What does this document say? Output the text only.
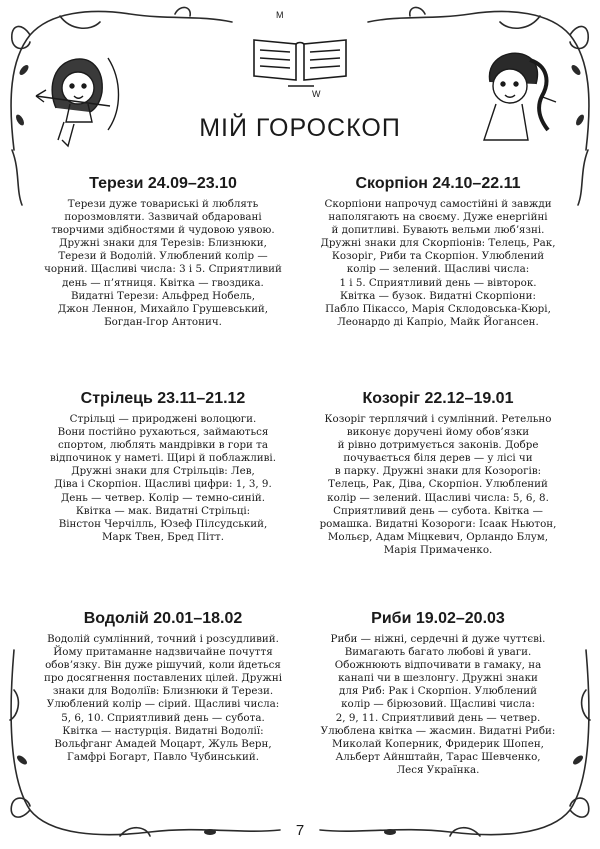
М
W
МІЙ ГОРОСКОП
Терези 24.09–23.10

Терези дуже товариські й люблять
порозмовляти. Зазвичай обдаровані
творчими здібностями й чудовою уявою.
Дружні знаки для Терезів: Близнюки,
Терези й Водолій. Улюблений колір —
чорний. Щасливі числа: 3 і 5. Сприятливий
день — п’ятниця. Квітка — гвоздика.
Видатні Терези: Альфред Нобель,
Джон Леннон, Михайло Грушевський,
Богдан-Ігор Антонич.

Скорпіон 24.10–22.11

Скорпіони напрочуд самостійні й завжди
наполягають на своєму. Дуже енергійні
й допитливі. Бувають вельми любʼязні.
Дружні знаки для Скорпіонів: Телець, Рак,
Козоріг, Риби та Скорпіон. Улюблений
колір — зелений. Щасливі числа:
1 і 5. Сприятливий день — вівторок.
Квітка — бузок. Видатні Скорпіони:
Пабло Пікассо, Марія Склодовська-Кюрі,
Леонардо ді Капріо, Майк Йогансен.

Стрілець 23.11–21.12

Стрільці — природжені волоцюги.
Вони постійно рухаються, займаються
спортом, люблять мандрівки в гори та
відпочинок у наметі. Щирі й поблажливі.
Дружні знаки для Стрільців: Лев,
Діва і Скорпіон. Щасливі цифри: 1, 3, 9.
День — четвер. Колір — темно-синій.
Квітка — мак. Видатні Стрільці:
Вінстон Черчілль, Юзеф Пілсудський,
Марк Твен, Бред Пітт.

Козоріг 22.12–19.01

Козоріг терплячий і сумлінний. Ретельно
виконує доручені йому обов’язки
й рівно дотримується законів. Добре
почувається біля дерев — у лісі чи
в парку. Дружні знаки для Козорогів:
Телець, Рак, Діва, Скорпіон. Улюблений
колір — зелений. Щасливі числа: 5, 6, 8.
Сприятливий день — субота. Квітка —
ромашка. Видатні Козороги: Ісаак Ньютон,
Мольєр, Адам Міцкевич, Орландо Блум,
Марія Примаченко.

Водолій 20.01–18.02

Водолій сумлінний, точний і розсудливий.
Йому притаманне надзвичайне почуття
обовʼязку. Він дуже рішучий, коли йдеться
про досягнення поставлених цілей. Дружні
знаки для Водоліїв: Близнюки й Терези.
Улюблений колір — сірий. Щасливі числа:
5, 6, 10. Сприятливий день — субота.
Квітка — настурція. Видатні Водолії:
Вольфганг Амадей Моцарт, Жуль Верн,
Гамфрі Богарт, Павло Чубинський.

Риби 19.02–20.03

Риби — ніжні, сердечні й дуже чуттєві.
Вимагають багато любові й уваги.
Обожнюють відпочивати в гамаку, на
канапі чи в шезлонгу. Дружні знаки
для Риб: Рак і Скорпіон. Улюблений
колір — бірюзовий. Щасливі числа:
2, 9, 11. Сприятливий день — четвер.
Улюблена квітка — жасмин. Видатні Риби:
Миколай Коперник, Фридерик Шопен,
Альберт Айнштайн, Тарас Шевченко,
Леся Українка.

7
